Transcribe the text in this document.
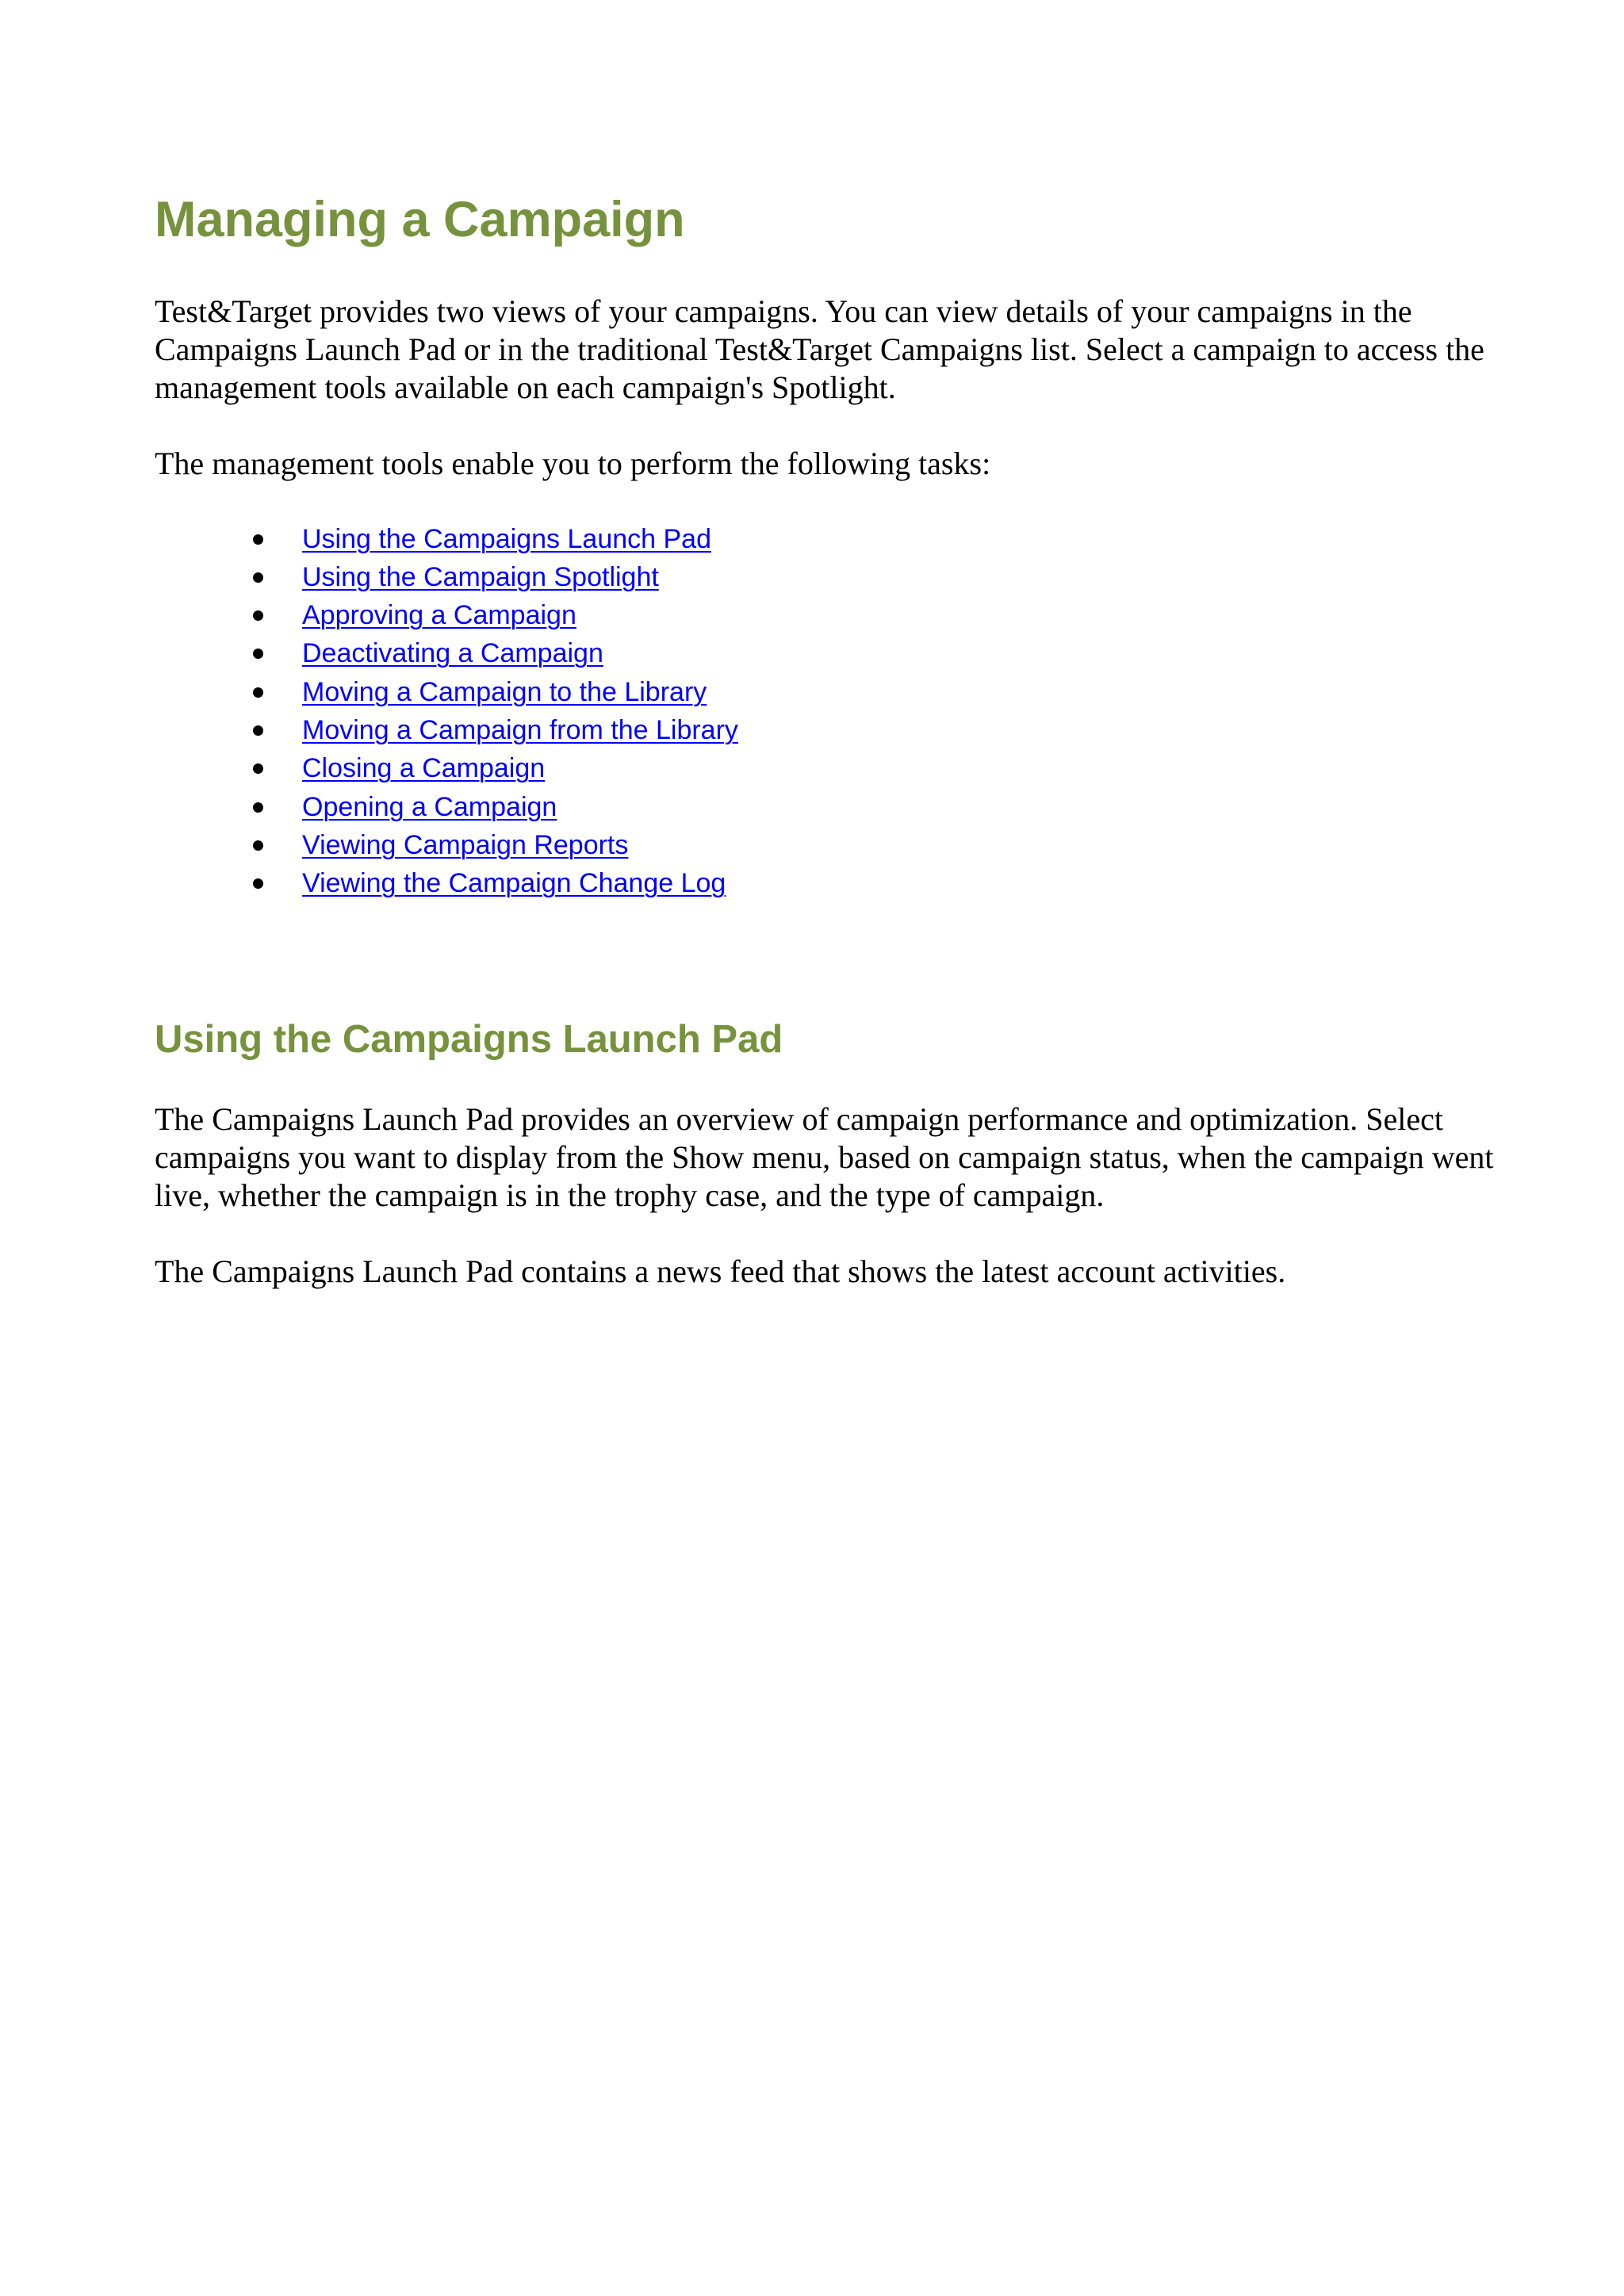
Managing a Campaign

Test&Target provides two views of your campaigns. You can view details of your campaigns in the Campaigns Launch Pad or in the traditional Test&Target Campaigns list. Select a campaign to access the management tools available on each campaign's Spotlight.

The management tools enable you to perform the following tasks:

Using the Campaigns Launch Pad
Using the Campaign Spotlight
Approving a Campaign
Deactivating a Campaign
Moving a Campaign to the Library
Moving a Campaign from the Library
Closing a Campaign
Opening a Campaign
Viewing Campaign Reports
Viewing the Campaign Change Log
Using the Campaigns Launch Pad

The Campaigns Launch Pad provides an overview of campaign performance and optimization. Select campaigns you want to display from the Show menu, based on campaign status, when the campaign went live, whether the campaign is in the trophy case, and the type of campaign.

The Campaigns Launch Pad contains a news feed that shows the latest account activities.
